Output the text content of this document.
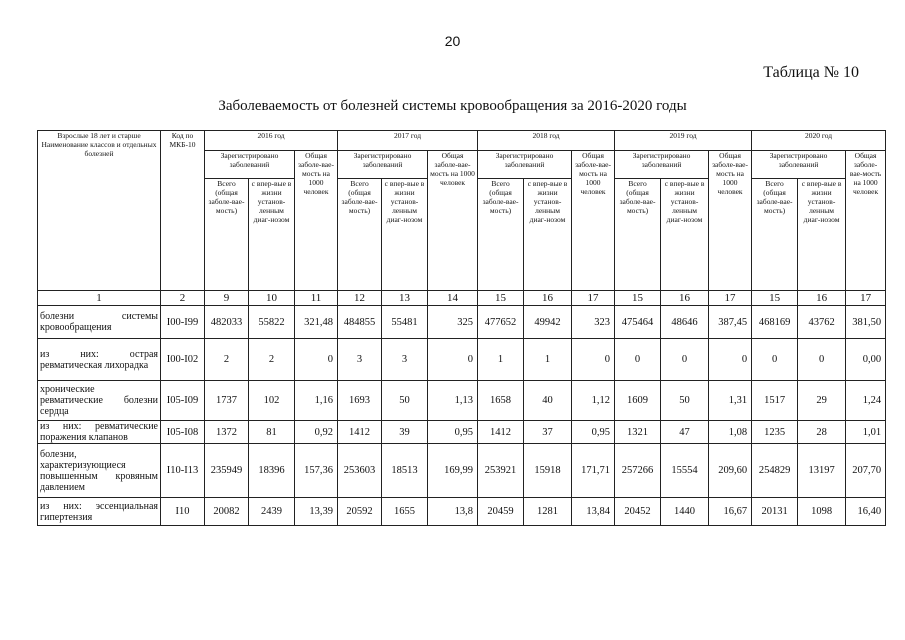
20
Таблица № 10
Заболеваемость от болезней системы кровообращения за 2016-2020 годы
Взрослые 18 лет и старше
Наименование классов и отдельных болезней	Код по МКБ-10	2016 год			2017 год			2018 год			2019 год			2020 год		
		Зарегистрировано заболеваний		Общая заболе-вае-мость на 1000 человек	Зарегистрировано заболеваний		Общая заболе-вае-мость на 1000 человек	Зарегистрировано заболеваний		Общая заболе-вае-мость на 1000 человек	Зарегистрировано заболеваний		Общая заболе-вае-мость на 1000 человек	Зарегистрировано заболеваний		Общая заболе-вае-мость на 1000 человек
		Всего (общая заболе-вае-мость)	с впер-вые в жизни установ-ленным диаг-нозом		Всего (общая заболе-вае-мость)	с впер-вые в жизни установ-ленным диаг-нозом		Всего (общая заболе-вае-мость)	с впер-вые в жизни установ-ленным диаг-нозом		Всего (общая заболе-вае-мость)	с впер-вые в жизни установ-ленным диаг-нозом		Всего (общая заболе-вае-мость)	с впер-вые в жизни установ-ленным диаг-нозом	
1	2	9	10	11	12	13	14	15	16	17	15	16	17	15	16	17
болезни системы кровообращения	I00-I99	482033	55822	321,48	484855	55481	325	477652	49942	323	475464	48646	387,45	468169	43762	381,50
из них: острая ревматическая лихорадка	I00-I02	2	2	0	3	3	0	1	1	0	0	0	0	0	0	0,00
хронические ревматические болезни сердца	I05-I09	1737	102	1,16	1693	50	1,13	1658	40	1,12	1609	50	1,31	1517	29	1,24
из них: ревматические поражения клапанов	I05-I08	1372	81	0,92	1412	39	0,95	1412	37	0,95	1321	47	1,08	1235	28	1,01
болезни, характеризующиеся повышенным кровяным давлением	I10-I13	235949	18396	157,36	253603	18513	169,99	253921	15918	171,71	257266	15554	209,60	254829	13197	207,70
из них: эссенциальная гипертензия	I10	20082	2439	13,39	20592	1655	13,8	20459	1281	13,84	20452	1440	16,67	20131	1098	16,40
